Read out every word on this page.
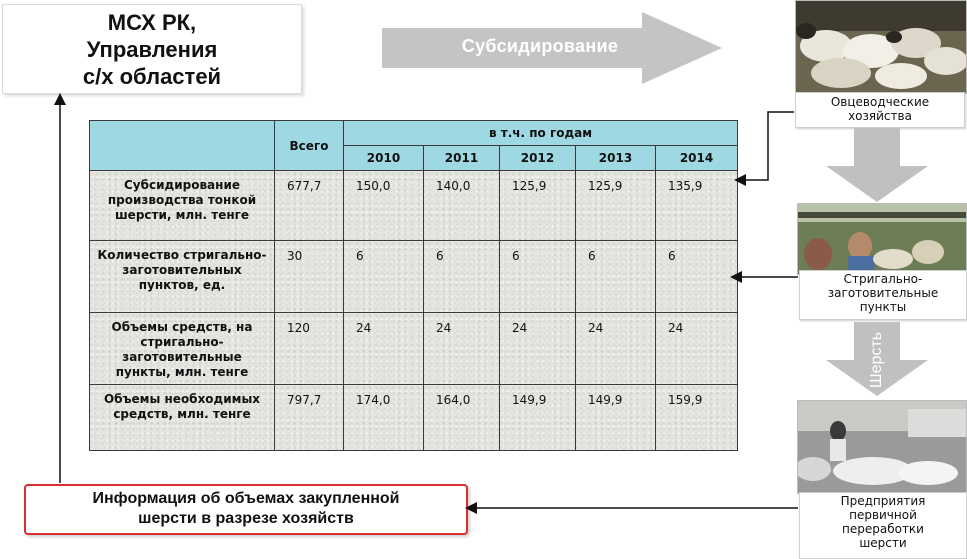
МСХ РК,
Управления
с/х областей
Субсидирование
	Всего	в т.ч. по годам				
		2010	2011	2012	2013	2014
Субсидирование производства тонкой шерсти, млн. тенге	677,7	150,0	140,0	125,9	125,9	135,9
Количество стригально-заготовительных пунктов, ед.	30	6	6	6	6	6
Объемы средств, на стригально-заготовительные пункты, млн. тенге	120	24	24	24	24	24
Объемы необходимых средств, млн. тенге	797,7	174,0	164,0	149,9	149,9	159,9
Овцеводческие
хозяйства
Стригально-
заготовительные
пункты
Шерсть
Предприятия
первичной
переработки
шерсти
Информация об объемах закупленной
шерсти в разрезе хозяйств
